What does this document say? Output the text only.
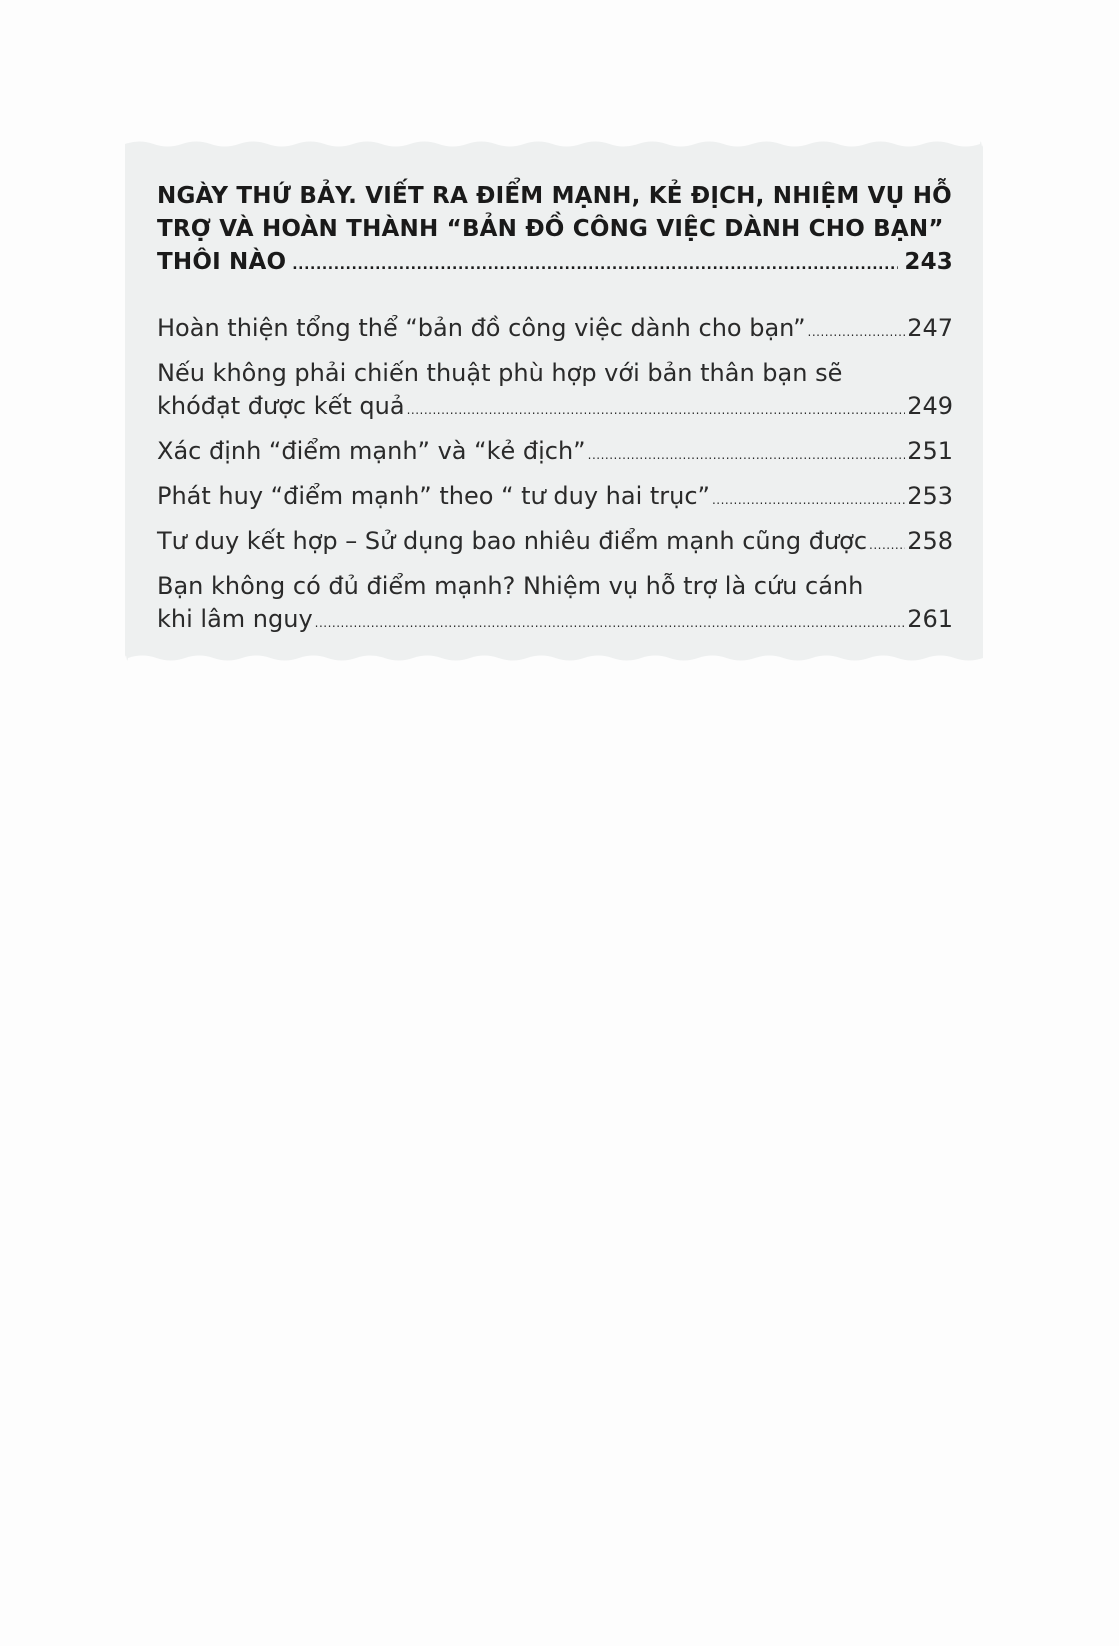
NGÀY THỨ BẢY. VIẾT RA ĐIỂM MẠNH, KẺ ĐỊCH, NHIỆM VỤ HỖ
TRỢ VÀ HOÀN THÀNH “BẢN ĐỒ CÔNG VIỆC DÀNH CHO BẠN”
THÔI NÀO .....	243
Hoàn thiện tổng thể “bản đồ công việc dành cho bạn” .....	247
Nếu không phải chiến thuật phù hợp với bản thân bạn sẽ
khóđạt được kết quả .....	249
Xác định “điểm mạnh” và “kẻ địch” .....	251
Phát huy “điểm mạnh” theo “ tư duy hai trục” .....	253
Tư duy kết hợp – Sử dụng bao nhiêu điểm mạnh cũng được ..... 258
Bạn không có đủ điểm mạnh? Nhiệm vụ hỗ trợ là cứu cánh
khi lâm nguy .....	261
